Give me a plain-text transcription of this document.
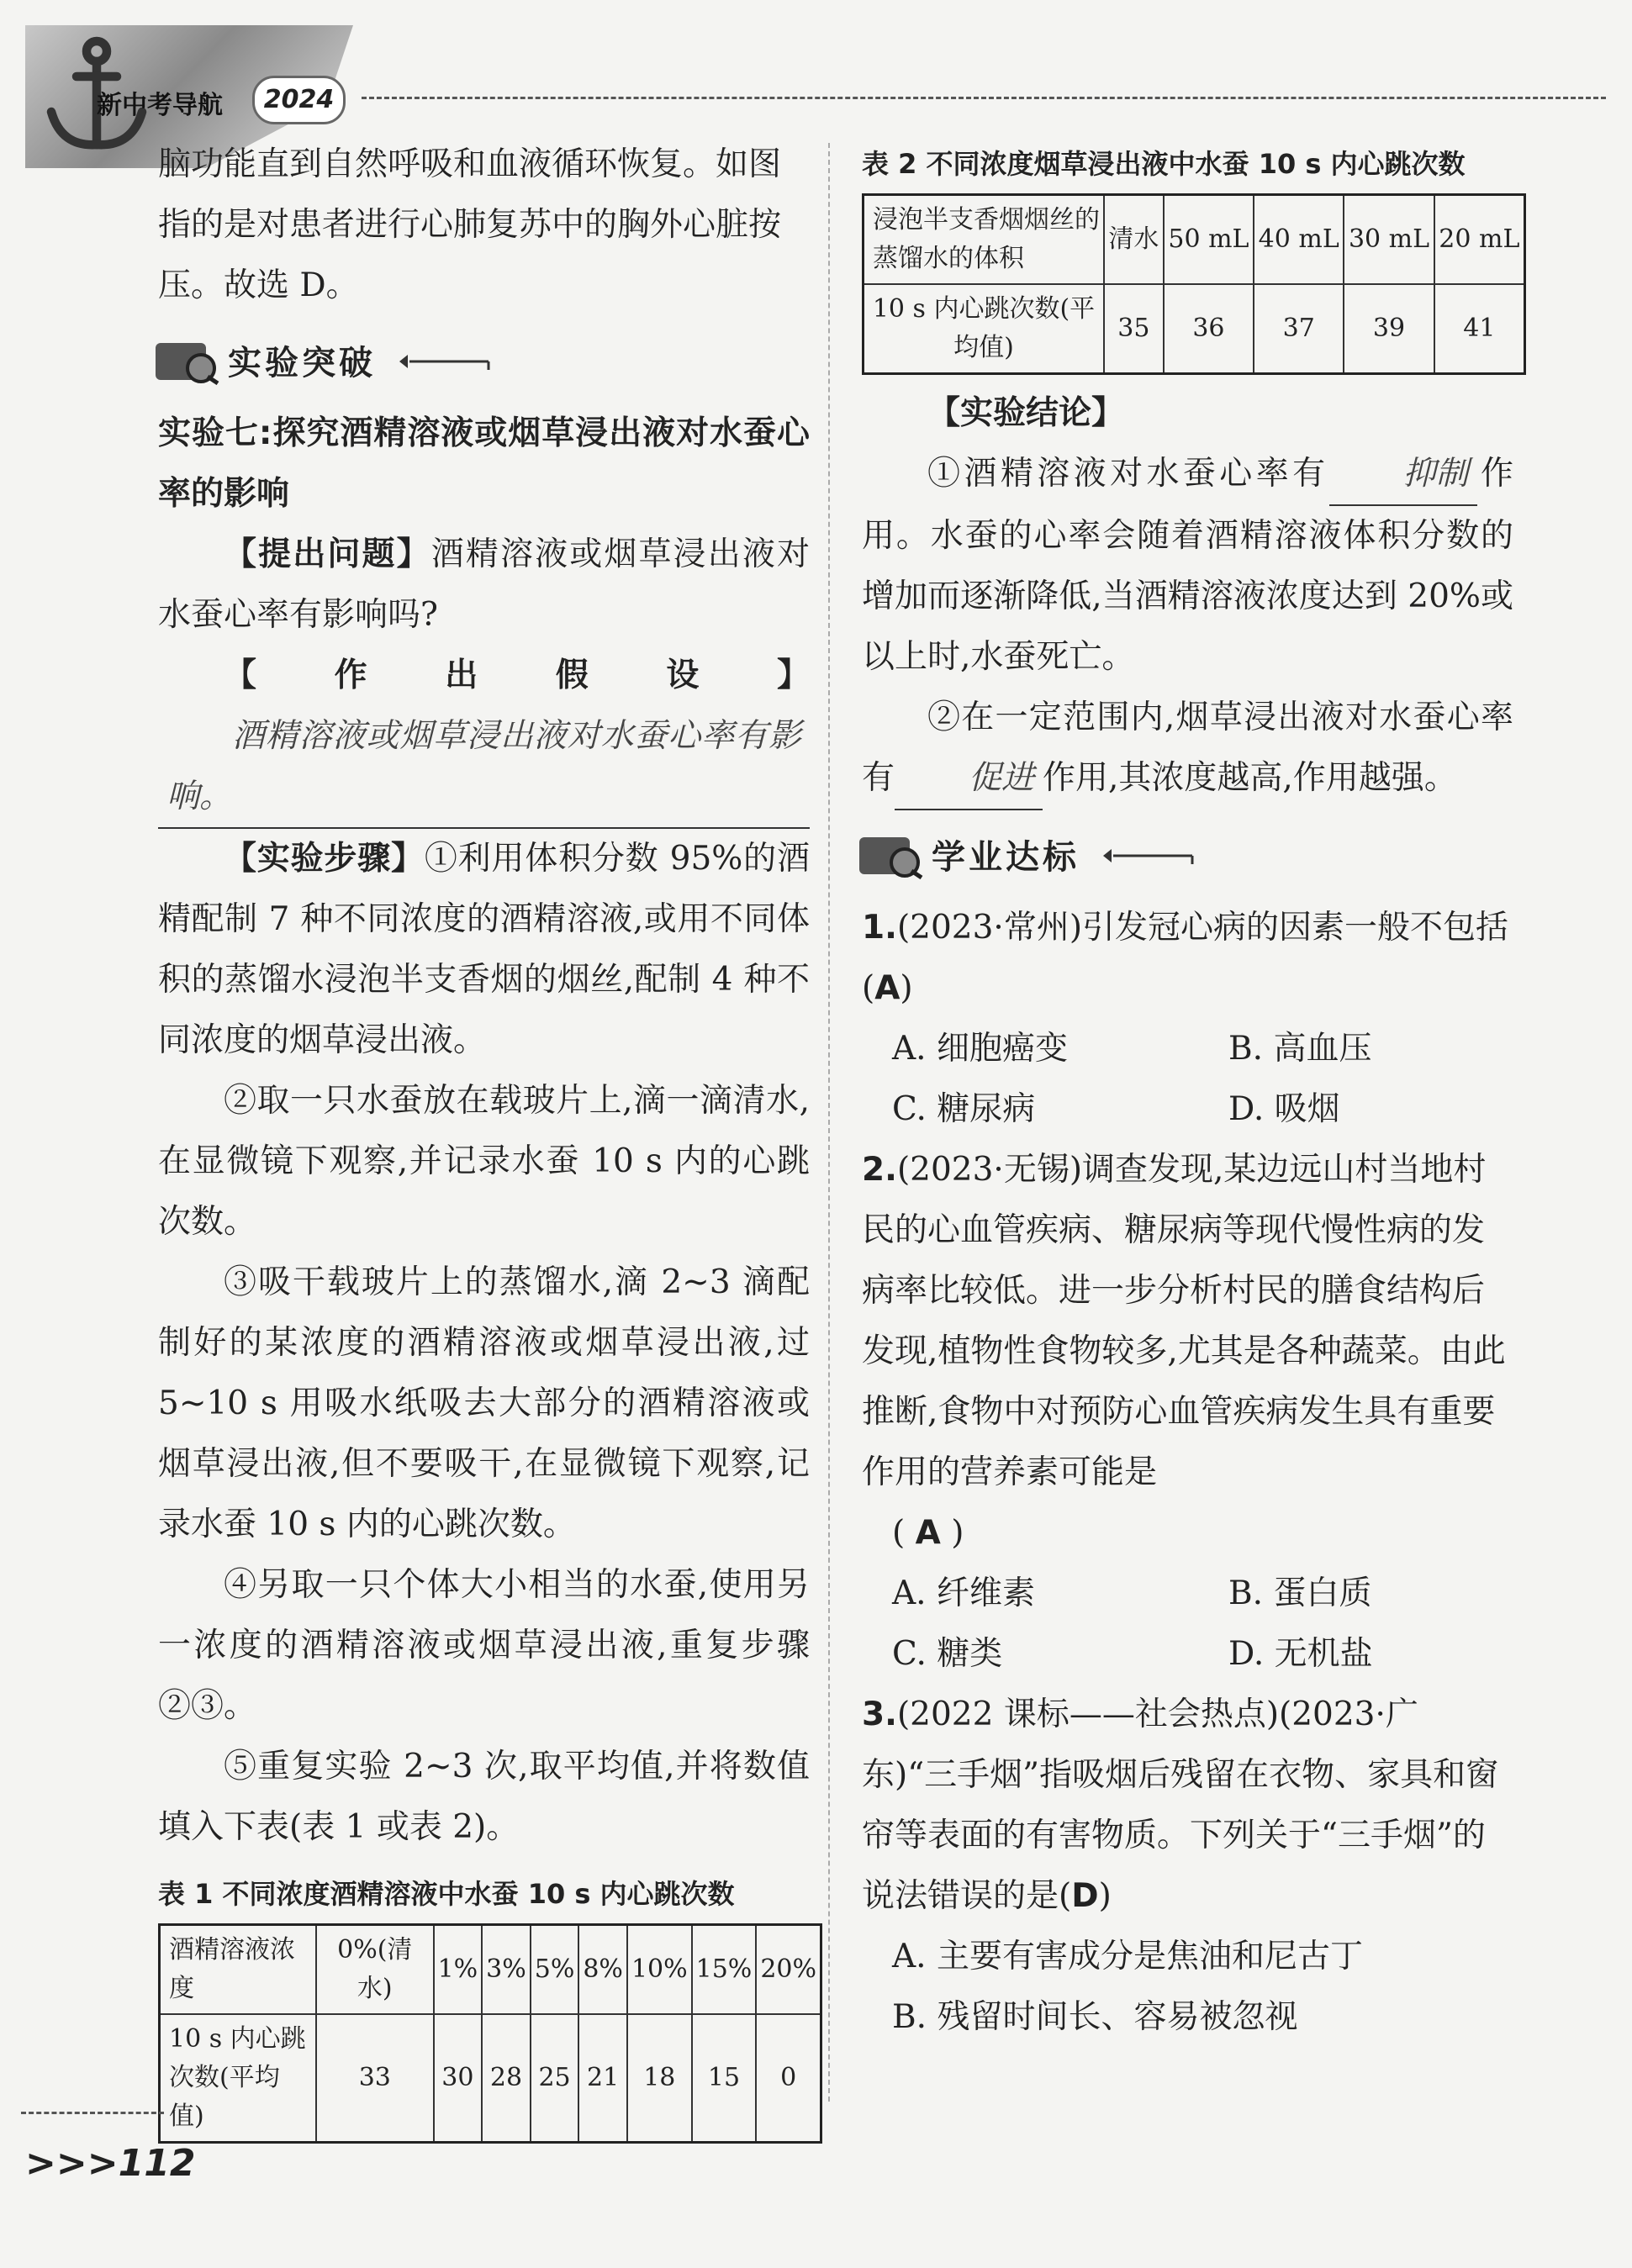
新中考导航	2024

脑功能直到自然呼吸和血液循环恢复。如图

指的是对患者进行心肺复苏中的胸外心脏按

压。故选 D。

实验突破

实验七:探究酒精溶液或烟草浸出液对水蚕心率的影响

【提出问题】酒精溶液或烟草浸出液对水蚕心率有影响吗?

【作出假设】酒精溶液或烟草浸出液对水蚕心率有影响。

【实验步骤】①利用体积分数 95%的酒精配制 7 种不同浓度的酒精溶液,或用不同体积的蒸馏水浸泡半支香烟的烟丝,配制 4 种不同浓度的烟草浸出液。

②取一只水蚕放在载玻片上,滴一滴清水,在显微镜下观察,并记录水蚕 10 s 内的心跳次数。

③吸干载玻片上的蒸馏水,滴 2~3 滴配制好的某浓度的酒精溶液或烟草浸出液,过 5~10 s 用吸水纸吸去大部分的酒精溶液或烟草浸出液,但不要吸干,在显微镜下观察,记录水蚕 10 s 内的心跳次数。

④另取一只个体大小相当的水蚕,使用另一浓度的酒精溶液或烟草浸出液,重复步骤②③。

⑤重复实验 2~3 次,取平均值,并将数值填入下表(表 1 或表 2)。

表 1 不同浓度酒精溶液中水蚕 10 s 内心跳次数
酒精溶液浓度	0%(清水)	1%	3%	5%	8%	10%	15%	20%
10 s 内心跳次数(平均值)	33	30	28	25	21	18	15	0
表 2 不同浓度烟草浸出液中水蚕 10 s 内心跳次数
浸泡半支香烟烟丝的蒸馏水的体积	清水	50 mL	40 mL	30 mL	20 mL
10 s 内心跳次数(平均值)	35	36	37	39	41

【实验结论】

①酒精溶液对水蚕心率有 抑制 作用。水蚕的心率会随着酒精溶液体积分数的增加而逐渐降低,当酒精溶液浓度达到 20%或以上时,水蚕死亡。

②在一定范围内,烟草浸出液对水蚕心率有 促进 作用,其浓度越高,作用越强。

学业达标

1.(2023·常州)引发冠心病的因素一般不包括(A)

A. 细胞癌变	B. 高血压
C. 糖尿病	D. 吸烟

2.(2023·无锡)调查发现,某边远山村当地村民的心血管疾病、糖尿病等现代慢性病的发病率比较低。进一步分析村民的膳食结构后发现,植物性食物较多,尤其是各种蔬菜。由此推断,食物中对预防心血管疾病发生具有重要作用的营养素可能是

( A )

A. 纤维素	B. 蛋白质
C. 糖类	D. 无机盐

3.(2022 课标——社会热点)(2023·广东)“三手烟”指吸烟后残留在衣物、家具和窗帘等表面的有害物质。下列关于“三手烟”的说法错误的是(D)

A. 主要有害成分是焦油和尼古丁

B. 残留时间长、容易被忽视

>>>112
